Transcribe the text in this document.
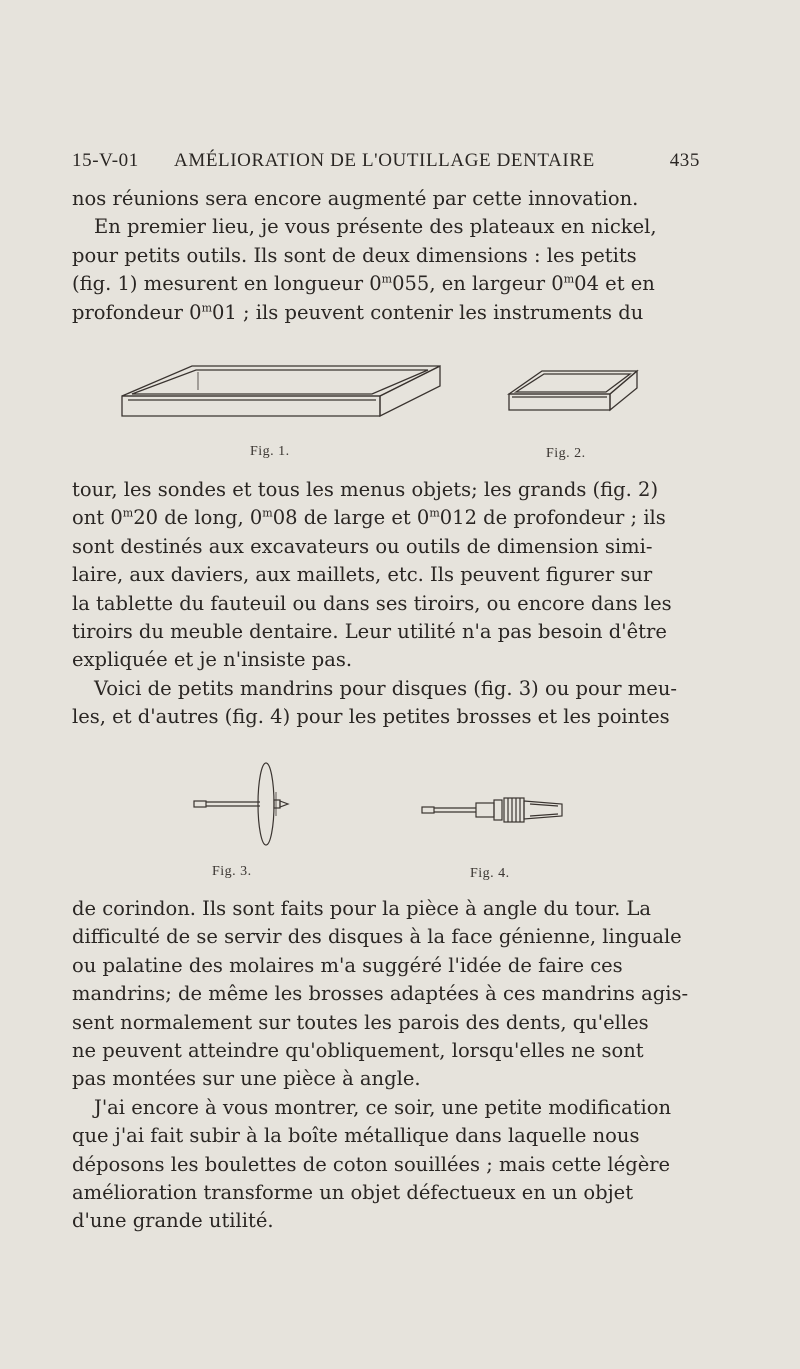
15-V-01 AMÉLIORATION DE L'OUTILLAGE DENTAIRE	435
nos réunions sera encore augmenté par cette innovation.
En premier lieu, je vous présente des plateaux en nickel,
pour petits outils. Ils sont de deux dimensions : les petits
(fig. 1) mesurent en longueur 0$^m$055, en largeur 0$^m$04 et en
profondeur 0$^m$01 ; ils peuvent contenir les instruments du
Fig. 1.	Fig. 2.
tour, les sondes et tous les menus objets; les grands (fig. 2)
ont 0$^m$20 de long, 0$^m$08 de large et 0$^m$012 de profondeur ; ils
sont destinés aux excavateurs ou outils de dimension simi-
laire, aux daviers, aux maillets, etc. Ils peuvent figurer sur
la tablette du fauteuil ou dans ses tiroirs, ou encore dans les
tiroirs du meuble dentaire. Leur utilité n'a pas besoin d'être
expliquée et je n'insiste pas.
Voici de petits mandrins pour disques (fig. 3) ou pour meu-
les, et d'autres (fig. 4) pour les petites brosses et les pointes
Fig. 3.	Fig. 4.
de corindon. Ils sont faits pour la pièce à angle du tour. La
difficulté de se servir des disques à la face génienne, linguale
ou palatine des molaires m'a suggéré l'idée de faire ces
mandrins; de même les brosses adaptées à ces mandrins agis-
sent normalement sur toutes les parois des dents, qu'elles
ne peuvent atteindre qu'obliquement, lorsqu'elles ne sont
pas montées sur une pièce à angle.
J'ai encore à vous montrer, ce soir, une petite modification
que j'ai fait subir à la boîte métallique dans laquelle nous
déposons les boulettes de coton souillées ; mais cette légère
amélioration transforme un objet défectueux en un objet
d'une grande utilité.
